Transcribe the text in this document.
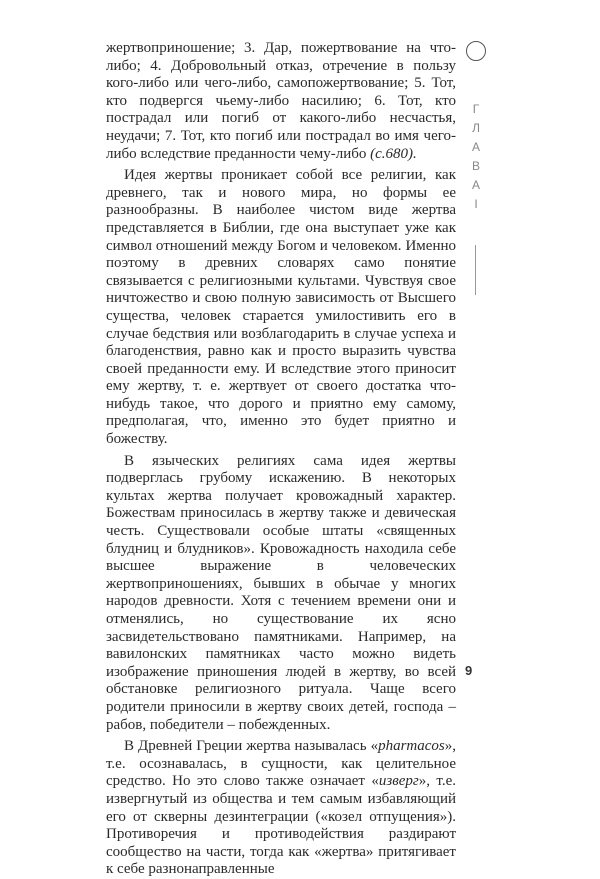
Г
Л
А
В
А
I

жертвоприношение; 3. Дар, пожертвование на что-либо; 4. Добровольный отказ, отречение в пользу кого-либо или чего-либо, самопожертвование; 5. Тот, кто подвергся чьему-либо насилию; 6. Тот, кто пострадал или погиб от какого-либо несчастья, неудачи; 7. Тот, кто погиб или пострадал во имя чего-либо вследствие преданности чему-либо (с.680).

Идея жертвы проникает собой все религии, как древнего, так и нового мира, но формы ее разнообразны. В наиболее чистом виде жертва представляется в Библии, где она выступает уже как символ отношений между Богом и человеком. Именно поэтому в древних словарях само понятие связывается с религиозными культами. Чувствуя свое ничтожество и свою полную зависимость от Высшего существа, человек старается умилостивить его в случае бедствия или возблагодарить в случае успеха и благоденствия, равно как и просто выразить чувства своей преданности ему. И вследствие этого приносит ему жертву, т. е. жертвует от своего достатка что-нибудь такое, что дорого и приятно ему самому, предполагая, что, именно это будет приятно и божеству.

В языческих религиях сама идея жертвы подверглась грубому искажению. В некоторых культах жертва получает кровожадный характер. Божествам приносилась в жертву также и девическая честь. Существовали особые штаты «священных блудниц и блудников». Кровожадность находила себе высшее выражение в человеческих жертвоприношениях, бывших в обычае у многих народов древности. Хотя с течением времени они и отменялись, но существование их ясно засвидетельствовано памятниками. Например, на вавилонских памятниках часто можно видеть изображение приношения людей в жертву, во всей обстановке религиозного ритуала. Чаще всего родители приносили в жертву своих детей, господа – рабов, победители – побежденных.

В Древней Греции жертва называлась «pharmacos», т.е. осознавалась, в сущности, как целительное средство. Но это слово также означает «изверг», т.е. извергнутый из общества и тем самым избавляющий его от скверны дезинтеграции («козел отпущения»). Противоречия и противодействия раздирают сообщество на части, тогда как «жертва» притягивает к себе разнонаправленные

9
